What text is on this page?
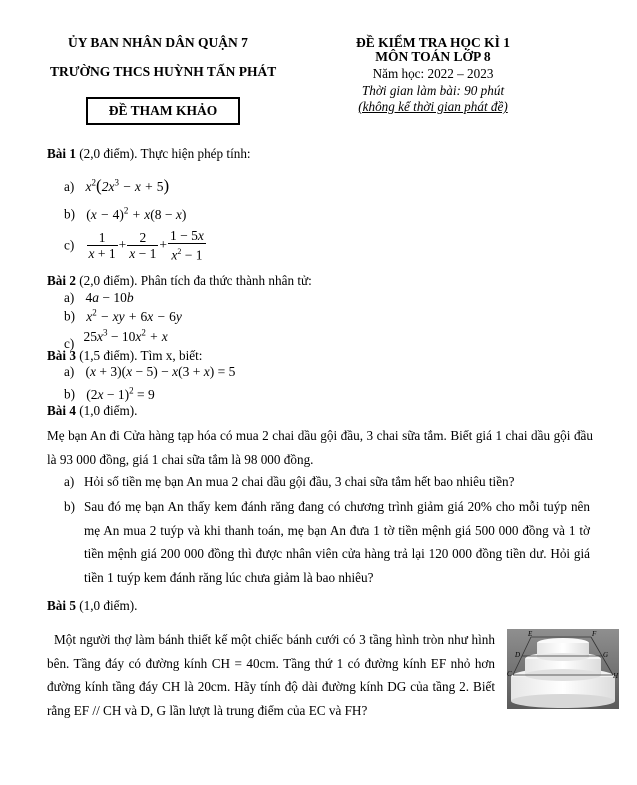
ỦY BAN NHÂN DÂN QUẬN 7
TRƯỜNG THCS HUỲNH TẤN PHÁT
ĐỀ KIỂM TRA HỌC KÌ 1
MÔN TOÁN LỚP 8
Năm học: 2022 – 2023
Thời gian làm bài: 90 phút
(không kể thời gian phát đề)
ĐỀ THAM KHẢO
Bài 1 (2,0 điểm). Thực hiện phép tính:
a) $x^2(2x^3 - x + 5)$
b) $(x - 4)^2 + x(8 - x)$
$c) \frac{1}{x + 1} + \frac{2}{x - 1} + \frac{1 - 5x}{x^2 - 1}$
Bài 2 (2,0 điểm). Phân tích đa thức thành nhân tử:
a) 4a − 10b
b) $x^2$ − xy + 6x − 6y
c) $25x^3 - 10x^2 + x$
Bài 3 (1,5 điểm). Tìm x, biết:
a) (x + 3)(x − 5) − x(3 + x) = 5
b) $(2x - 1)^2 = 9$
Bài 4 (1,0 điểm).
Mẹ bạn An đi Cửa hàng tạp hóa có mua 2 chai dầu gội đầu, 3 chai sữa tắm. Biết giá 1 chai dầu gội đầu là 93 000 đồng, giá 1 chai sữa tắm là 98 000 đồng.
a) Hỏi số tiền mẹ bạn An mua 2 chai dầu gội đầu, 3 chai sữa tắm hết bao nhiêu tiền?
b) Sau đó mẹ bạn An thấy kem đánh răng đang có chương trình giảm giá 20% cho mỗi tuýp nên mẹ An mua 2 tuýp và khi thanh toán, mẹ bạn An đưa 1 tờ tiền mệnh giá 500 000 đồng và 1 tờ tiền mệnh giá 200 000 đồng thì được nhân viên cửa hàng trả lại 120 000 đồng tiền dư. Hỏi giá tiền 1 tuýp kem đánh răng lúc chưa giảm là bao nhiêu?
Bài 5 (1,0 điểm).
Một người thợ làm bánh thiết kế một chiếc bánh cưới có 3 tầng hình tròn như hình bên. Tầng đáy có đường kính CH = 40cm. Tầng thứ 1 có đường kính EF nhỏ hơn đường kính tầng đáy CH là 20cm. Hãy tính độ dài đường kính DG của tầng 2. Biết rằng EF // CH và D, G lần lượt là trung điểm của EC và FH?
E	F
D	G
C	H
